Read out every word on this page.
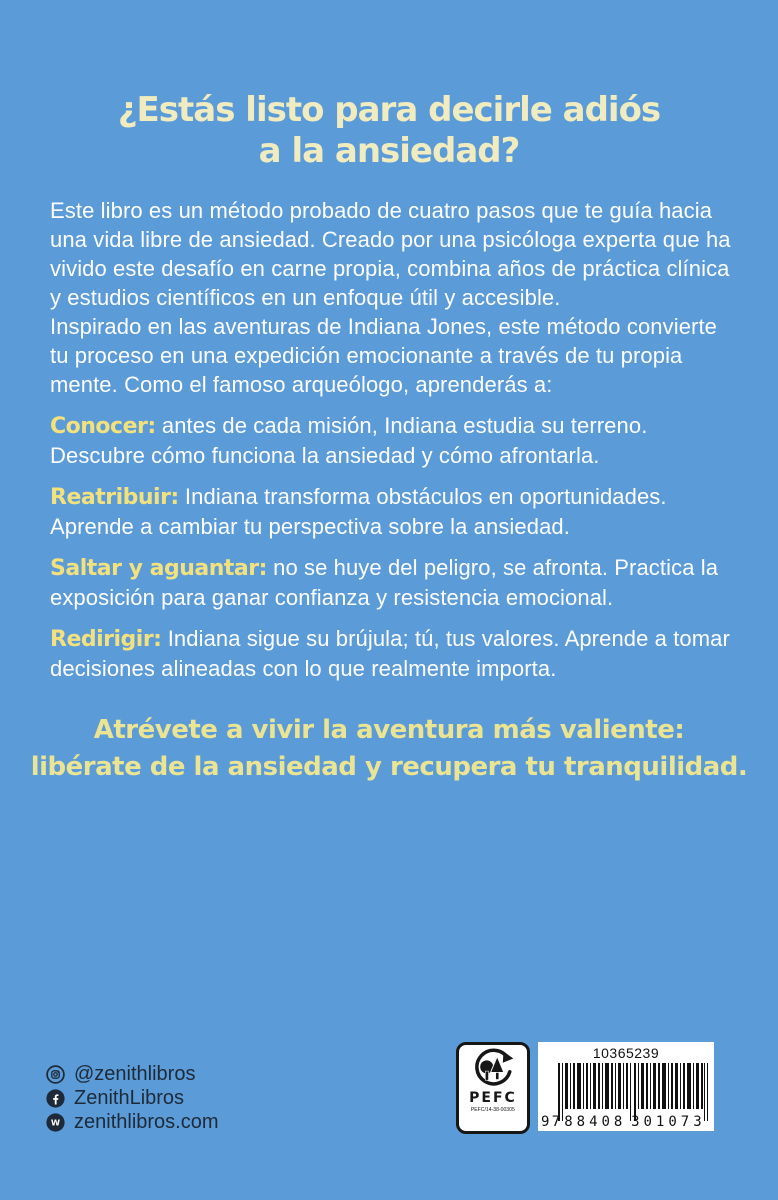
¿Estás listo para decirle adiós
a la ansiedad?

Este libro es un método probado de cuatro pasos que te guía hacia una vida libre de ansiedad. Creado por una psicóloga experta que ha vivido este desafío en carne propia, combina años de práctica clínica y estudios científicos en un enfoque útil y accesible.

Inspirado en las aventuras de Indiana Jones, este método convierte tu proceso en una expedición emocionante a través de tu propia mente. Como el famoso arqueólogo, aprenderás a:

Conocer: antes de cada misión, Indiana estudia su terreno. Descubre cómo funciona la ansiedad y cómo afrontarla.

Reatribuir: Indiana transforma obstáculos en oportunidades. Aprende a cambiar tu perspectiva sobre la ansiedad.

Saltar y aguantar: no se huye del peligro, se afronta. Practica la exposición para ganar confianza y resistencia emocional.

Redirigir: Indiana sigue su brújula; tú, tus valores. Aprende a tomar decisiones alineadas con lo que realmente importa.

Atrévete a vivir la aventura más valiente:
libérate de la ansiedad y recupera tu tranquilidad.
@zenithlibros
ZenithLibros
W zenithlibros.com
PEFC
PEFC/14-38-00305
10365239
9 788408 301073
